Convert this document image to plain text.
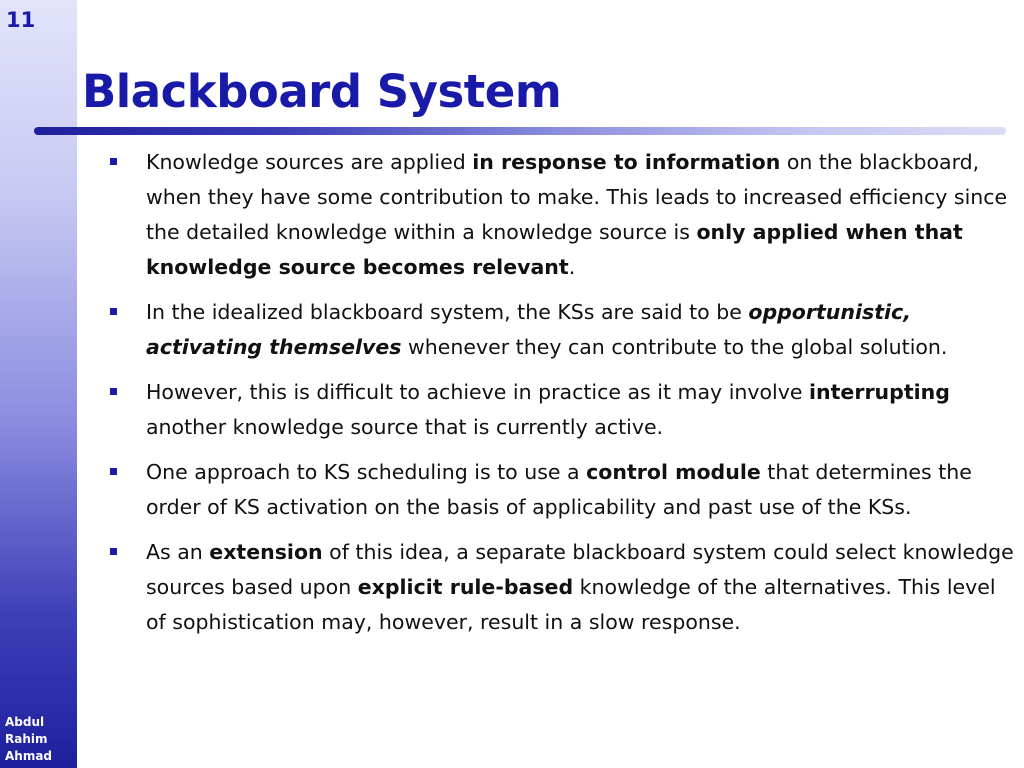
11
Abdul
Rahim
Ahmad
Blackboard System
Knowledge sources are applied in response to information on the blackboard, when they have some contribution to make. This leads to increased efficiency since the detailed knowledge within a knowledge source is only applied when that knowledge source becomes relevant.
In the idealized blackboard system, the KSs are said to be opportunistic, activating themselves whenever they can contribute to the global solution.
However, this is difficult to achieve in practice as it may involve interrupting another knowledge source that is currently active.
One approach to KS scheduling is to use a control module that determines the order of KS activation on the basis of applicability and past use of the KSs.
As an extension of this idea, a separate blackboard system could select knowledge sources based upon explicit rule-based knowledge of the alternatives. This level of sophistication may, however, result in a slow response.
